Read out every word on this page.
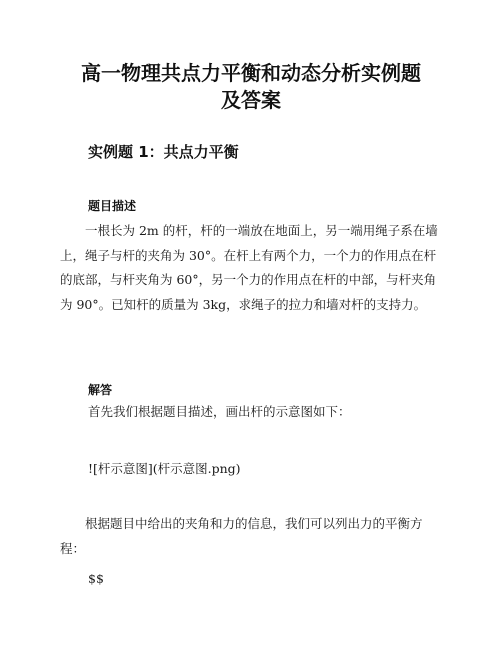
高一物理共点力平衡和动态分析实例题及答案
实例题 1：共点力平衡
题目描述

一根长为 2m 的杆，杆的一端放在地面上，另一端用绳子系在墙上，绳子与杆的夹角为 30°。在杆上有两个力，一个力的作用点在杆的底部，与杆夹角为 60°，另一个力的作用点在杆的中部，与杆夹角为 90°。已知杆的质量为 3kg，求绳子的拉力和墙对杆的支持力。

解答

首先我们根据题目描述，画出杆的示意图如下：

![杆示意图](杆示意图.png)

根据题目中给出的夹角和力的信息，我们可以列出力的平衡方程：

$$
